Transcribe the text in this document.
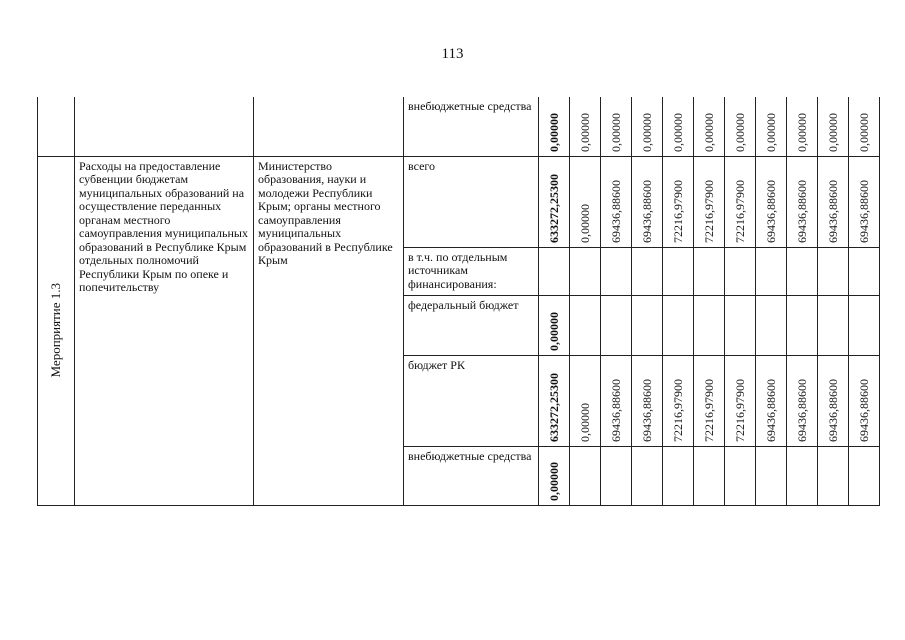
113

			внебюджетные средства	0,00000	0,00000	0,00000	0,00000	0,00000	0,00000	0,00000	0,00000	0,00000	0,00000	0,00000

Мероприятие 1.3	Расходы на предоставление субвенции бюджетам муниципальных образований на осуществление переданных органам местного самоуправления муниципальных образований в Республике Крым отдельных полномочий Республики Крым по опеке и попечительству	Министерство образования, науки и молодежи Республики Крым; органы местного самоуправления муниципальных образований в Республике Крым	всего	633272,25300	0,00000	69436,88600	69436,88600	72216,97900	72216,97900	72216,97900	69436,88600	69436,88600	69436,88600	69436,88600

			в т.ч. по отдельным источникам финансирования:											

			федеральный бюджет	0,00000										

			бюджет РК	633272,25300	0,00000	69436,88600	69436,88600	72216,97900	72216,97900	72216,97900	69436,88600	69436,88600	69436,88600	69436,88600

			внебюджетные средства	0,00000										
